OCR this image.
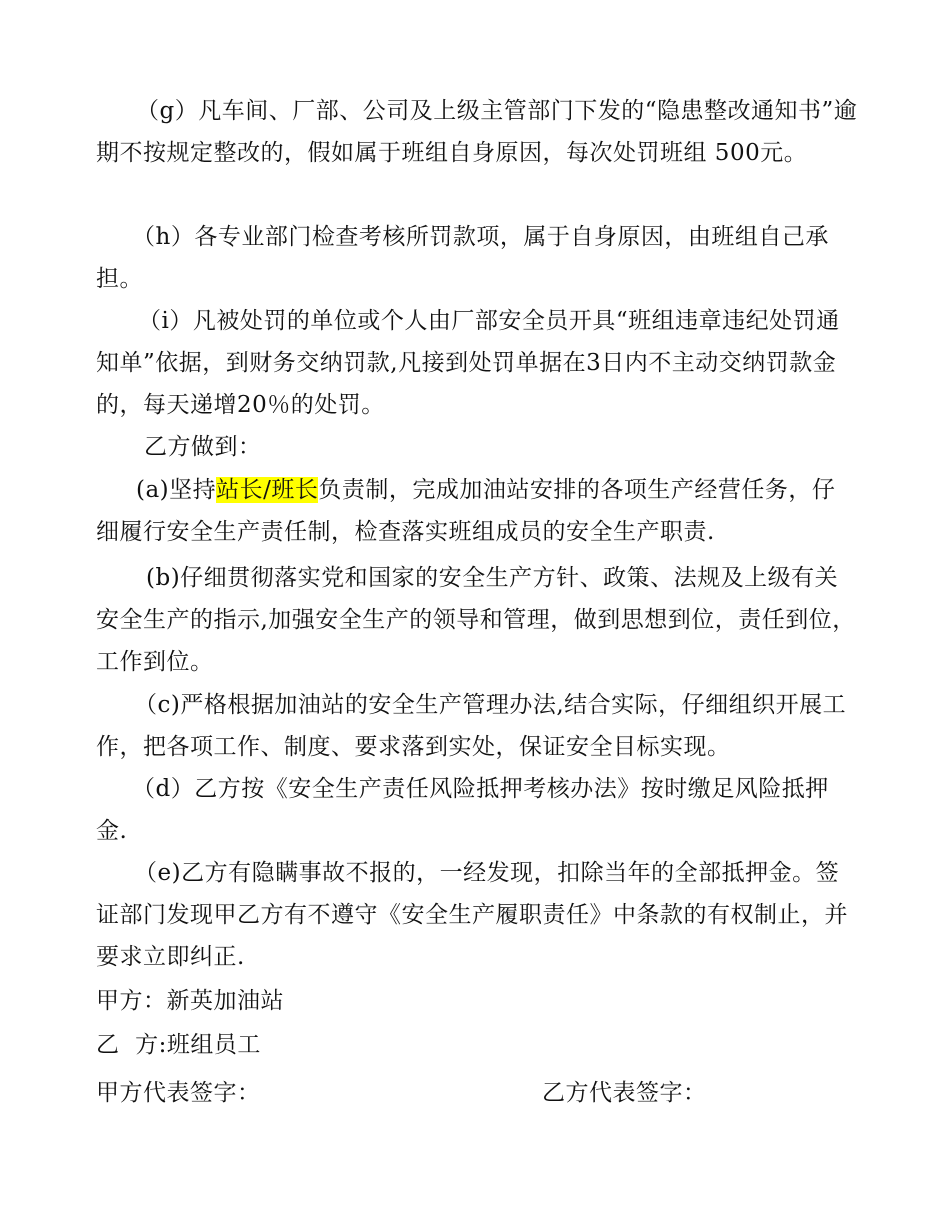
（g）凡车间、厂部、公司及上级主管部门下发的“隐患整改通知书”逾期不按规定整改的，假如属于班组自身原因，每次处罚班组 500元。

（h）各专业部门检查考核所罚款项，属于自身原因，由班组自己承担。

（i）凡被处罚的单位或个人由厂部安全员开具“班组违章违纪处罚通知单”依据，到财务交纳罚款,凡接到处罚单据在3日内不主动交纳罚款金的，每天递增20％的处罚。

乙方做到：

(a)坚持站长/班长负责制，完成加油站安排的各项生产经营任务，仔细履行安全生产责任制，检查落实班组成员的安全生产职责.

(b)仔细贯彻落实党和国家的安全生产方针、政策、法规及上级有关安全生产的指示,加强安全生产的领导和管理，做到思想到位，责任到位，工作到位。

（c)严格根据加油站的安全生产管理办法,结合实际，仔细组织开展工作，把各项工作、制度、要求落到实处，保证安全目标实现。

（d）乙方按《安全生产责任风险抵押考核办法》按时缴足风险抵押金.

（e)乙方有隐瞒事故不报的，一经发现，扣除当年的全部抵押金。签证部门发现甲乙方有不遵守《安全生产履职责任》中条款的有权制止，并要求立即纠正.

甲方：新英加油站

乙  方:班组员工

甲方代表签字：	乙方代表签字：
